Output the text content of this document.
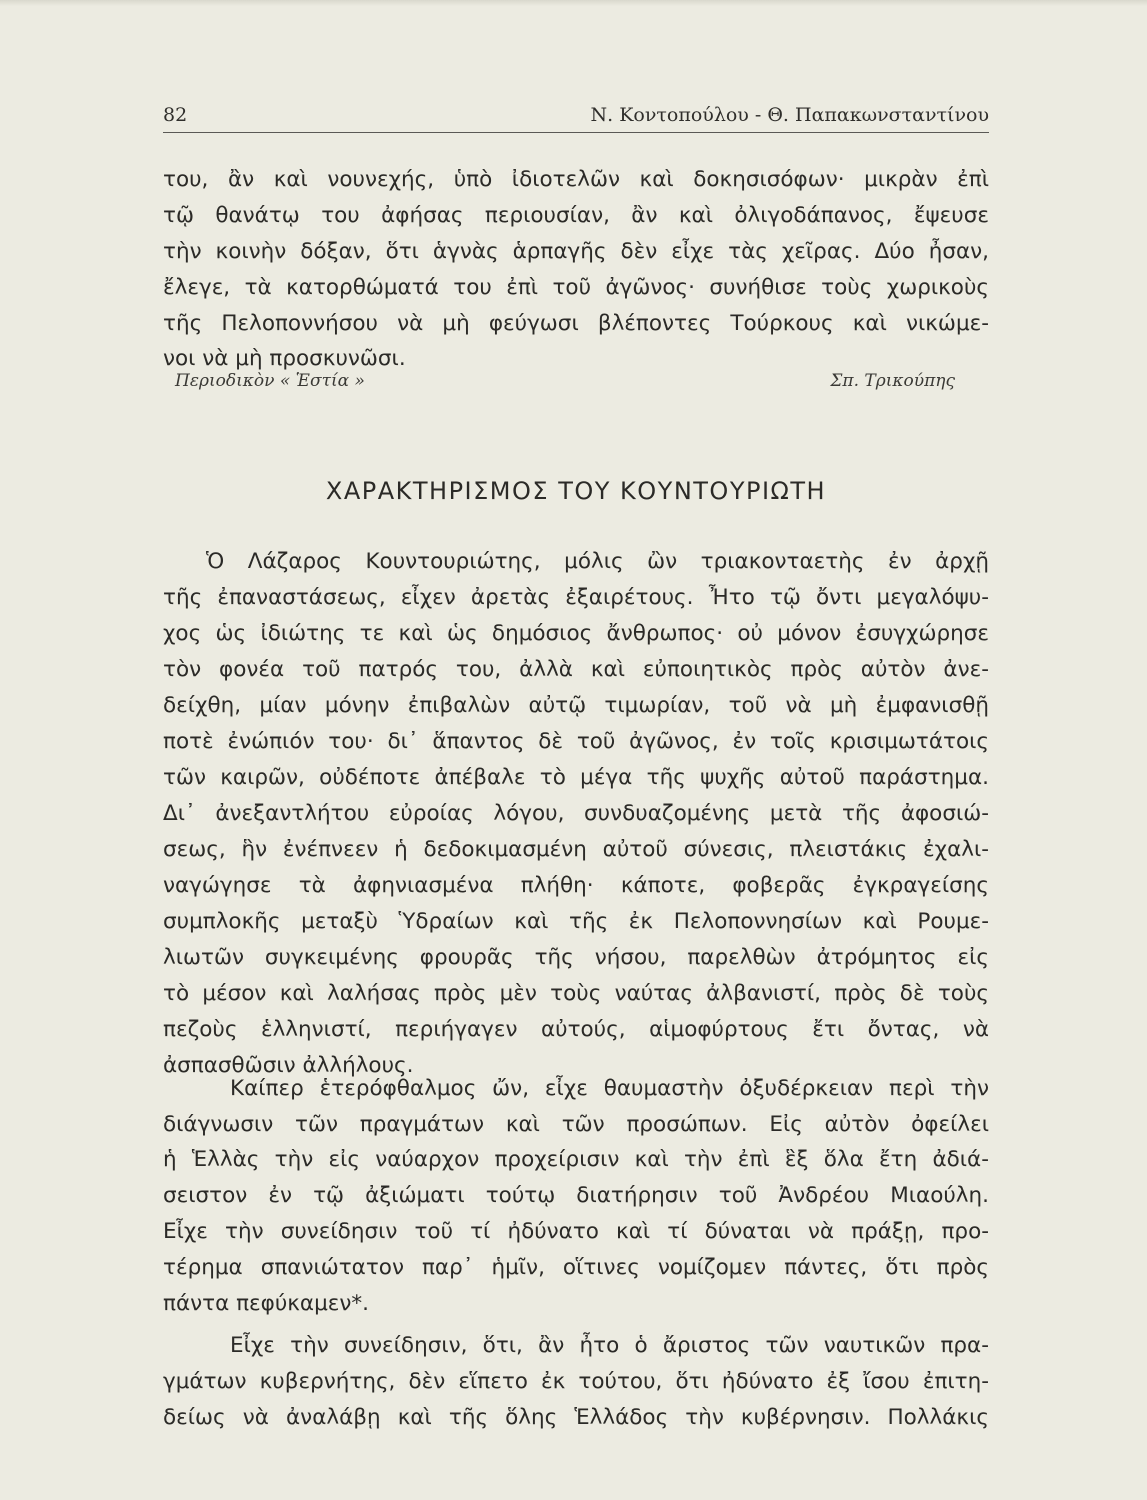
82	Ν. Κοντοπούλου - Θ. Παπακωνσταντίνου
του, ἂν καὶ νουνεχής, ὑπὸ ἰδιοτελῶν καὶ δοκησισόφων· μικρὰν ἐπὶ
τῷ θανάτῳ του ἀφήσας περιουσίαν, ἂν καὶ ὀλιγοδάπανος, ἔψευσε
τὴν κοινὴν δόξαν, ὅτι ἁγνὰς ἁρπαγῆς δὲν εἶχε τὰς χεῖρας. Δύο ἦσαν,
ἔλεγε, τὰ κατορθώματά του ἐπὶ τοῦ ἀγῶνος· συνήθισε τοὺς χωρικοὺς
τῆς Πελοποννήσου νὰ μὴ φεύγωσι βλέποντες Τούρκους καὶ νικώμε-
νοι νὰ μὴ προσκυνῶσι.
Περιοδικὸν « Ἑστία »	Σπ. Τρικούπης
ΧΑΡΑΚΤΗΡΙΣΜΟΣ ΤΟΥ ΚΟΥΝΤΟΥΡΙΩΤΗ
Ὁ Λάζαρος Κουντουριώτης, μόλις ὢν τριακονταετὴς ἐν ἀρχῇ
τῆς ἐπαναστάσεως, εἶχεν ἀρετὰς ἐξαιρέτους. Ἦτο τῷ ὄντι μεγαλόψυ-
χος ὡς ἰδιώτης τε καὶ ὡς δημόσιος ἄνθρωπος· οὐ μόνον ἐσυγχώρησε
τὸν φονέα τοῦ πατρός του, ἀλλὰ καὶ εὐποιητικὸς πρὸς αὐτὸν ἀνε-
δείχθη, μίαν μόνην ἐπιβαλὼν αὐτῷ τιμωρίαν, τοῦ νὰ μὴ ἐμφανισθῇ
ποτὲ ἐνώπιόν του· δι᾽ ἅπαντος δὲ τοῦ ἀγῶνος, ἐν τοῖς κρισιμωτάτοις
τῶν καιρῶν, οὐδέποτε ἀπέβαλε τὸ μέγα τῆς ψυχῆς αὐτοῦ παράστημα.
Δι᾽ ἀνεξαντλήτου εὐροίας λόγου, συνδυαζομένης μετὰ τῆς ἀφοσιώ-
σεως, ἣν ἐνέπνεεν ἡ δεδοκιμασμένη αὐτοῦ σύνεσις, πλειστάκις ἐχαλι-
ναγώγησε τὰ ἀφηνιασμένα πλήθη· κάποτε, φοβερᾶς ἐγκραγείσης
συμπλοκῆς μεταξὺ Ὑδραίων καὶ τῆς ἐκ Πελοποννησίων καὶ Ρουμε-
λιωτῶν συγκειμένης φρουρᾶς τῆς νήσου, παρελθὼν ἀτρόμητος εἰς
τὸ μέσον καὶ λαλήσας πρὸς μὲν τοὺς ναύτας ἀλβανιστί, πρὸς δὲ τοὺς
πεζοὺς ἑλληνιστί, περιήγαγεν αὐτούς, αἱμοφύρτους ἔτι ὄντας, νὰ
ἀσπασθῶσιν ἀλλήλους.
Καίπερ ἑτερόφθαλμος ὤν, εἶχε θαυμαστὴν ὀξυδέρκειαν περὶ τὴν
διάγνωσιν τῶν πραγμάτων καὶ τῶν προσώπων. Εἰς αὐτὸν ὀφείλει
ἡ Ἑλλὰς τὴν εἰς ναύαρχον προχείρισιν καὶ τὴν ἐπὶ ἓξ ὅλα ἔτη ἀδιά-
σειστον ἐν τῷ ἀξιώματι τούτῳ διατήρησιν τοῦ Ἀνδρέου Μιαούλη.
Εἶχε τὴν συνείδησιν τοῦ τί ἠδύνατο καὶ τί δύναται νὰ πράξῃ, προ-
τέρημα σπανιώτατον παρ᾽ ἡμῖν, οἵτινες νομίζομεν πάντες, ὅτι πρὸς
πάντα πεφύκαμεν*.
Εἶχε τὴν συνείδησιν, ὅτι, ἂν ἦτο ὁ ἄριστος τῶν ναυτικῶν πρα-
γμάτων κυβερνήτης, δὲν εἵπετο ἐκ τούτου, ὅτι ἠδύνατο ἐξ ἴσου ἐπιτη-
δείως νὰ ἀναλάβῃ καὶ τῆς ὅλης Ἑλλάδος τὴν κυβέρνησιν. Πολλάκις
